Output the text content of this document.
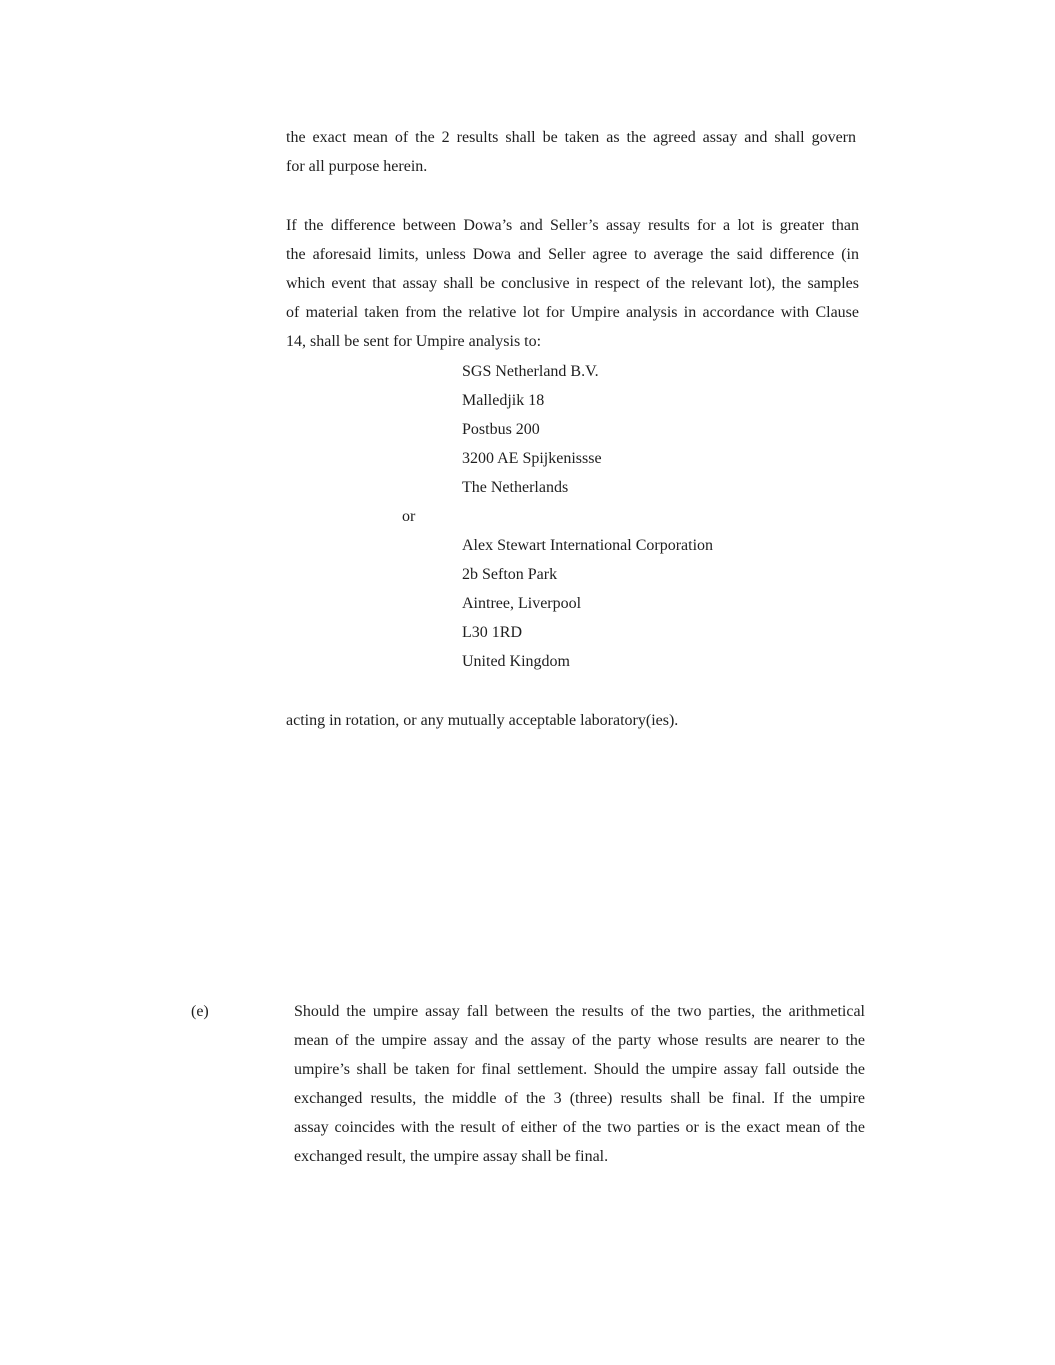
the exact mean of the 2 results shall be taken as the agreed assay and shall govern
for all purpose herein.
If the difference between Dowa’s and Seller’s assay results for a lot is greater than
the aforesaid limits, unless Dowa and Seller agree to average the said difference (in
which event that assay shall be conclusive in respect of the relevant lot), the samples
of material taken from the relative lot for Umpire analysis in accordance with Clause
14, shall be sent for Umpire analysis to:
SGS Netherland B.V.
Malledjik 18
Postbus 200
3200 AE Spijkenissse
The Netherlands
or
Alex Stewart International Corporation
2b Sefton Park
Aintree, Liverpool
L30 1RD
United Kingdom
acting in rotation, or any mutually acceptable laboratory(ies).
(e)	Should the umpire assay fall between the results of the two parties, the arithmetical
mean of the umpire assay and the assay of the party whose results are nearer to the
umpire’s shall be taken for final settlement. Should the umpire assay fall outside the
exchanged results, the middle of the 3 (three) results shall be final. If the umpire
assay coincides with the result of either of the two parties or is the exact mean of the
exchanged result, the umpire assay shall be final.
